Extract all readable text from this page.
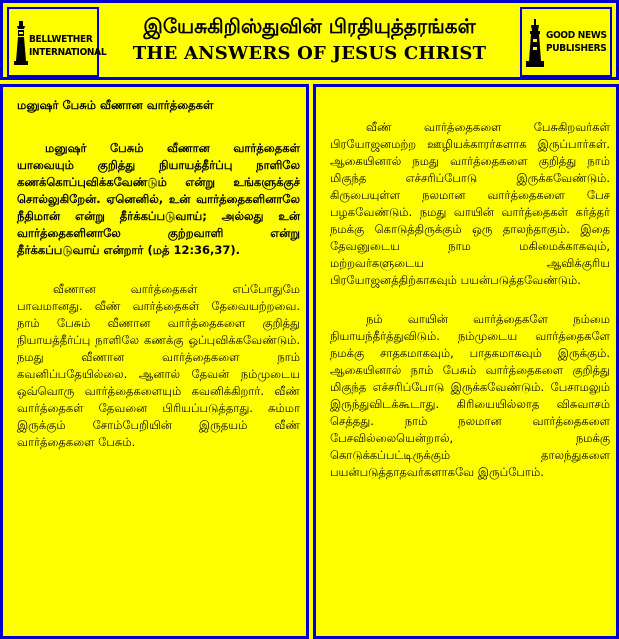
BELLWETHER
INTERNATIONAL
இயேசுகிறிஸ்துவின் பிரதியுத்தரங்கள்
THE ANSWERS OF JESUS CHRIST
GOOD NEWS
PUBLISHERS

மனுஷர் பேசும் வீணான வார்த்தைகள்

மனுஷர் பேசும் வீணான வார்த்தைகள் யாவையும் குறித்து நியாயத்தீர்ப்பு நாளிலே கணக்கொப்புவிக்கவேண்டும் என்று உங்களுக்குச் சொல்லுகிறேன். ஏனெனில், உன் வார்த்தைகளினாலே நீதிமான் என்று தீர்க்கப்படுவாய்; அல்லது உன் வார்த்தைகளினாலே குற்றவாளி என்று தீர்க்கப்படுவாய் என்றார் (மத் 12:36,37).

வீணான வார்த்தைகள் எப்போதுமே பாவமானது. வீண் வார்த்தைகள் தேவையற்றவை. நாம் பேசும் வீணான வார்த்தைகளை குறித்து நியாயத்தீர்ப்பு நாளிலே கணக்கு ஒப்புவிக்கவேண்டும். நமது வீணான வார்த்தைகளை நாம் கவனிப்பதேயில்லை. ஆனால் தேவன் நம்முடைய ஒவ்வொரு வார்த்தைகளையும் கவனிக்கிறார். வீண் வார்த்தைகள் தேவனை பிரியப்படுத்தாது. சும்மா இருக்கும் சோம்பேறியின் இருதயம் வீண் வார்த்தைகளை பேசும்.

வீண் வார்த்தைகளை பேசுகிறவர்கள் பிரயோஜனமற்ற ஊழியக்காரர்களாக இருப்பார்கள். ஆகையினால் நமது வார்த்தைகளை குறித்து நாம் மிகுந்த எச்சரிப்போடு இருக்கவேண்டும். கிருபையுள்ள நலமான வார்த்தைகளை பேச பழகவேண்டும். நமது வாயின் வார்த்தைகள் கர்த்தர் நமக்கு கொடுத்திருக்கும் ஒரு தாலந்தாகும். இதை தேவனுடைய நாம மகிமைக்காகவும், மற்றவர்களுடைய ஆவிக்குரிய பிரயோஜனத்திற்காகவும் பயன்படுத்தவேண்டும்.

நம் வாயின் வார்த்தைகளே நம்மை நியாயந்தீர்த்துவிடும். நம்முடைய வார்த்தைகளே நமக்கு சாதகமாகவும், பாதகமாகவும் இருக்கும். ஆகையினால் நாம் பேசும் வார்த்தைகளை குறித்து மிகுந்த எச்சரிப்போடு இருக்கவேண்டும். பேசாமலும் இருந்துவிடக்கூடாது. கிரியையில்லாத விசுவாசம் செத்தது. நாம் நலமான வார்த்தைகளை பேசவில்லையென்றால், நமக்கு கொடுக்கப்பட்டிருக்கும் தாலந்துகளை பயன்படுத்தாதவர்களாகவே இருப்போம்.
